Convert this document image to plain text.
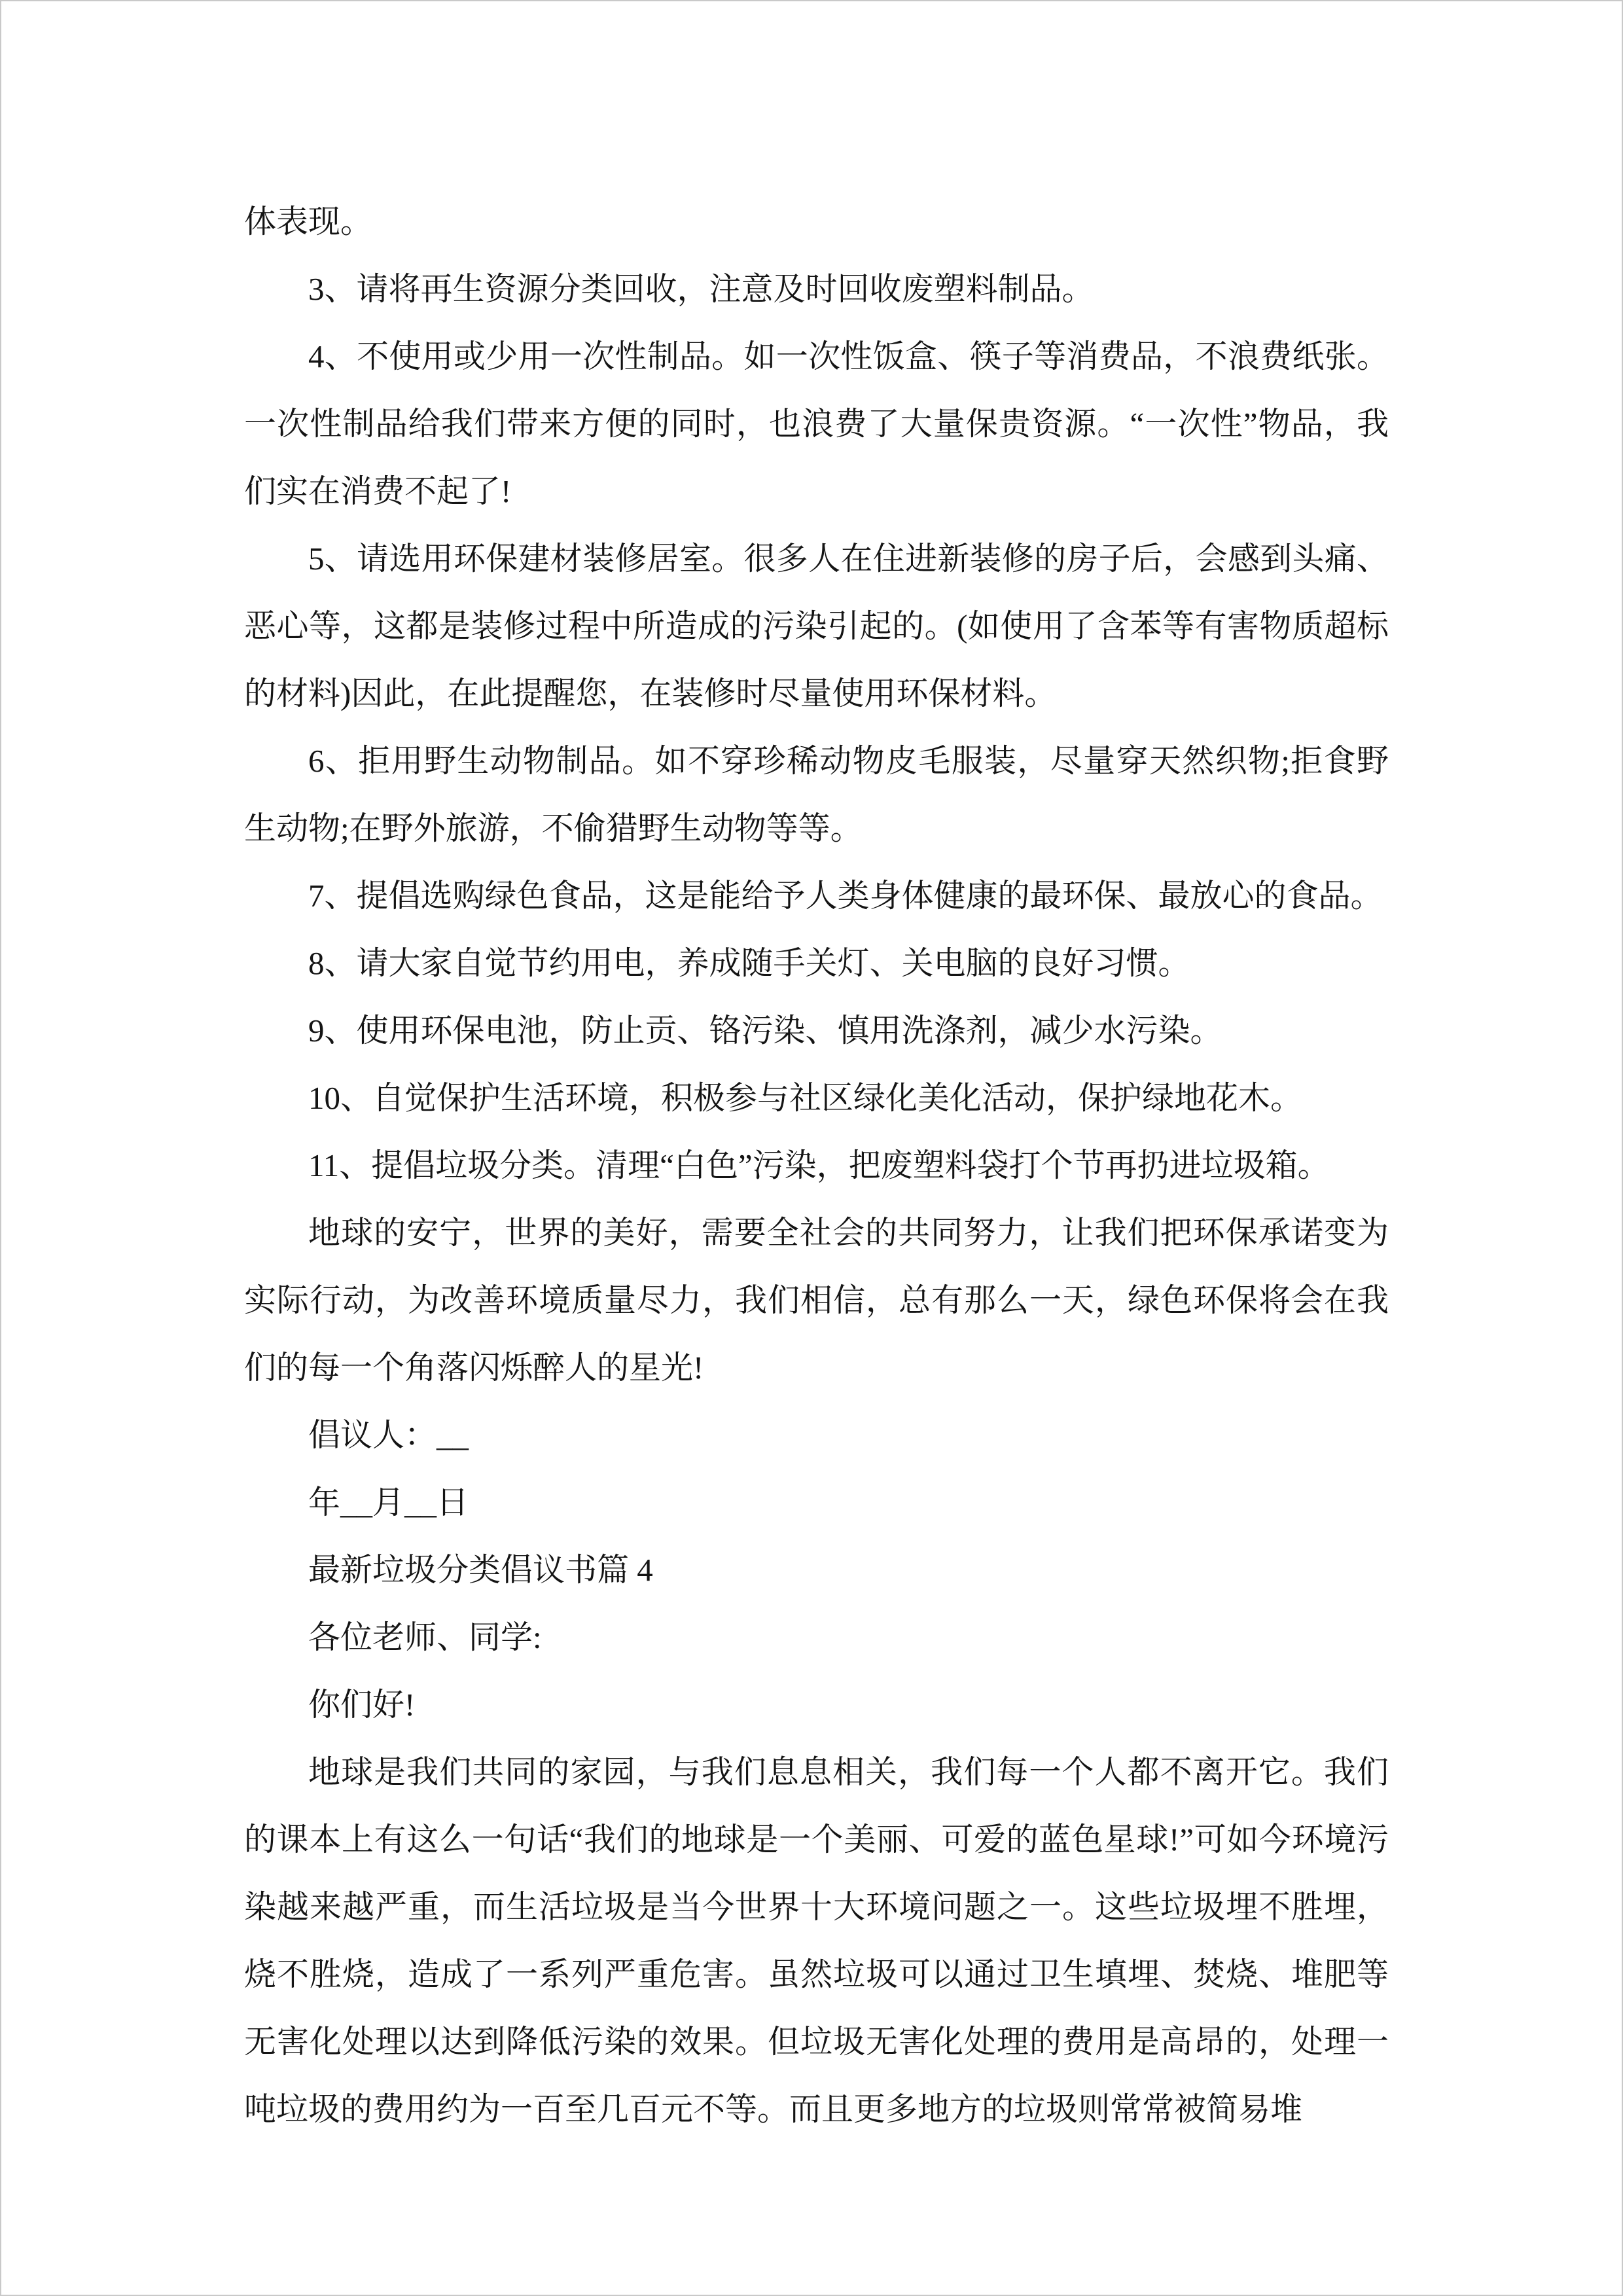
体表现。

3、请将再生资源分类回收，注意及时回收废塑料制品。

4、不使用或少用一次性制品。如一次性饭盒、筷子等消费品，不浪费纸张。一次性制品给我们带来方便的同时，也浪费了大量保贵资源。“一次性”物品，我们实在消费不起了!

5、请选用环保建材装修居室。很多人在住进新装修的房子后，会感到头痛、恶心等，这都是装修过程中所造成的污染引起的。(如使用了含苯等有害物质超标的材料)因此，在此提醒您，在装修时尽量使用环保材料。

6、拒用野生动物制品。如不穿珍稀动物皮毛服装，尽量穿天然织物;拒食野生动物;在野外旅游，不偷猎野生动物等等。

7、提倡选购绿色食品，这是能给予人类身体健康的最环保、最放心的食品。

8、请大家自觉节约用电，养成随手关灯、关电脑的良好习惯。

9、使用环保电池，防止贡、铬污染、慎用洗涤剂，减少水污染。

10、自觉保护生活环境，积极参与社区绿化美化活动，保护绿地花木。

11、提倡垃圾分类。清理“白色”污染，把废塑料袋打个节再扔进垃圾箱。

地球的安宁，世界的美好，需要全社会的共同努力，让我们把环保承诺变为实际行动，为改善环境质量尽力，我们相信，总有那么一天，绿色环保将会在我们的每一个角落闪烁醉人的星光!

倡议人：__

年__月__日

最新垃圾分类倡议书篇 4

各位老师、同学:

你们好!

地球是我们共同的家园，与我们息息相关，我们每一个人都不离开它。我们的课本上有这么一句话“我们的地球是一个美丽、可爱的蓝色星球!”可如今环境污染越来越严重，而生活垃圾是当今世界十大环境问题之一。这些垃圾埋不胜埋，烧不胜烧，造成了一系列严重危害。虽然垃圾可以通过卫生填埋、焚烧、堆肥等无害化处理以达到降低污染的效果。但垃圾无害化处理的费用是高昂的，处理一吨垃圾的费用约为一百至几百元不等。而且更多地方的垃圾则常常被简易堆
